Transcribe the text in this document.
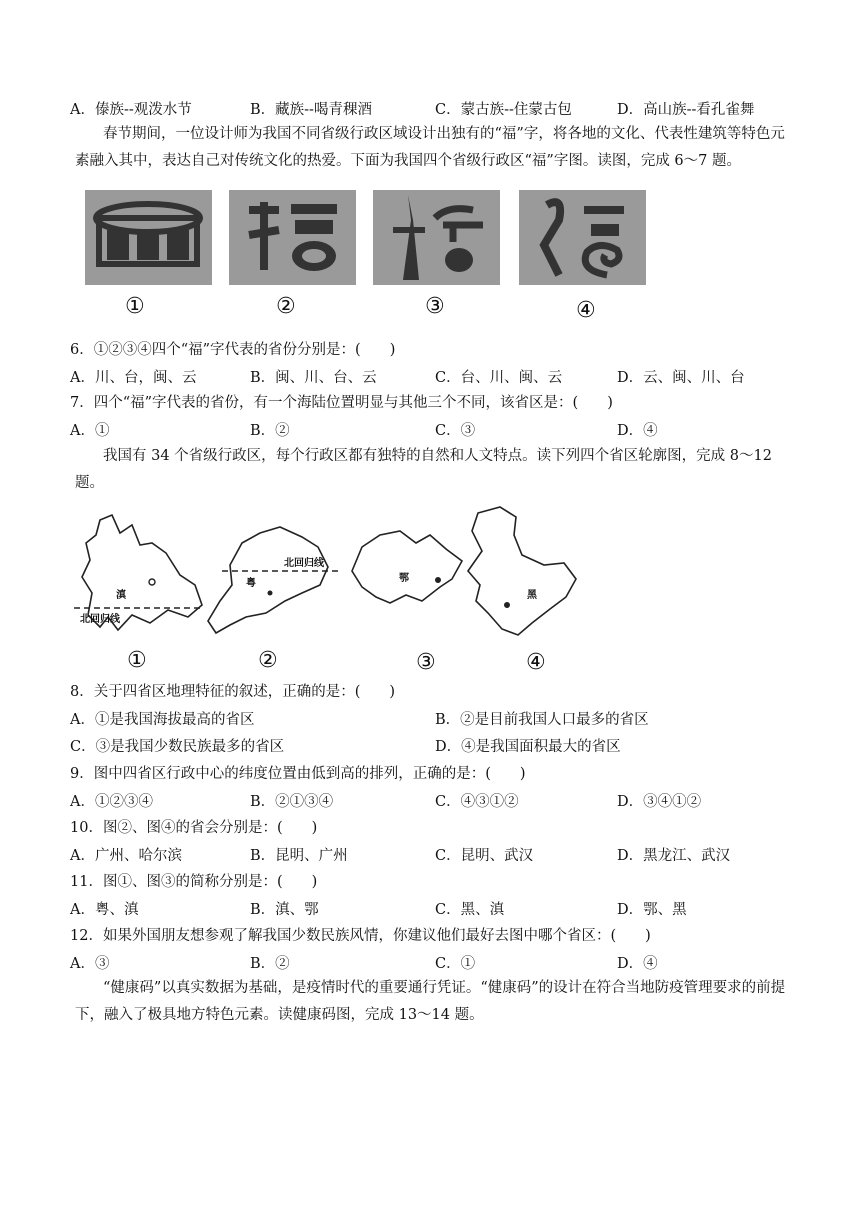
A．傣族--观泼水节	B．藏族--喝青稞酒	C．蒙古族--住蒙古包	D．高山族--看孔雀舞
春节期间，一位设计师为我国不同省级行政区域设计出独有的“福”字，将各地的文化、代表性建筑等特色元素融入其中，表达自己对传统文化的热爱。下面为我国四个省级行政区“福”字图。读图，完成 6～7 题。
①	②	③	④
6．①②③④四个“福”字代表的省份分别是：(　　)
A．川、台，闽、云	B．闽、川、台、云	C．台、川、闽、云	D．云、闽、川、台
7．四个“福”字代表的省份，有一个海陆位置明显与其他三个不同，该省区是：(　　)
A．①	B．②	C．③	D．④
我国有 34 个省级行政区，每个行政区都有独特的自然和人文特点。读下列四个省区轮廓图，完成 8～12 题。
滇
北回归线
粤
北回归线
鄂
黑
①	②	③	④
8．关于四省区地理特征的叙述，正确的是：(　　)
A．①是我国海拔最高的省区	B．②是目前我国人口最多的省区
C．③是我国少数民族最多的省区	D．④是我国面积最大的省区
9．图中四省区行政中心的纬度位置由低到高的排列，正确的是：(　　)
A．①②③④	B．②①③④	C．④③①②	D．③④①②
10．图②、图④的省会分别是：(　　)
A．广州、哈尔滨	B．昆明、广州	C．昆明、武汉	D．黑龙江、武汉
11．图①、图③的简称分别是：(　　)
A．粤、滇	B．滇、鄂	C．黑、滇	D．鄂、黑
12．如果外国朋友想参观了解我国少数民族风情，你建议他们最好去图中哪个省区：(　　)
A．③	B．②	C．①	D．④
“健康码”以真实数据为基础，是疫情时代的重要通行凭证。“健康码”的设计在符合当地防疫管理要求的前提下，融入了极具地方特色元素。读健康码图，完成 13～14 题。
